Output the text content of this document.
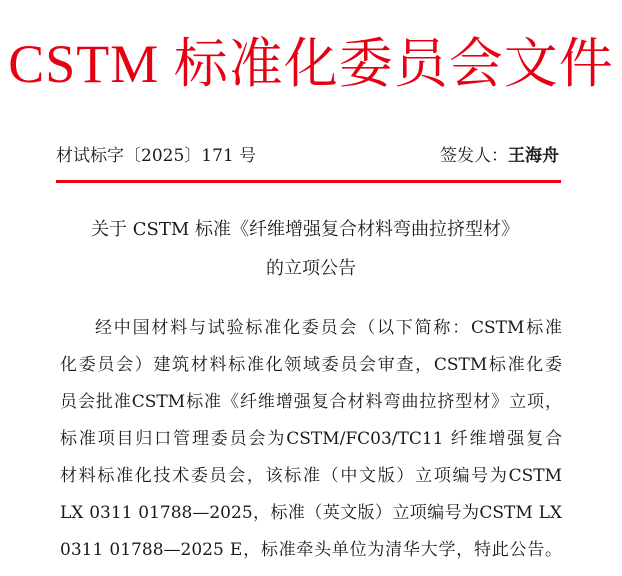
CSTM 标准化委员会文件
材试标字〔2025〕171 号	签发人：王海舟
关于 CSTM 标准《纤维增强复合材料弯曲拉挤型材》
的立项公告
经中国材料与试验标准化委员会（以下简称：CSTM标准
化委员会）建筑材料标准化领域委员会审查，CSTM标准化委
员会批准CSTM标准《纤维增强复合材料弯曲拉挤型材》立项，
标准项目归口管理委员会为CSTM/FC03/TC11 纤维增强复合
材料标准化技术委员会，该标准（中文版）立项编号为CSTM
LX 0311 01788—2025，标准（英文版）立项编号为CSTM LX
0311 01788—2025 E，标准牵头单位为清华大学，特此公告。
